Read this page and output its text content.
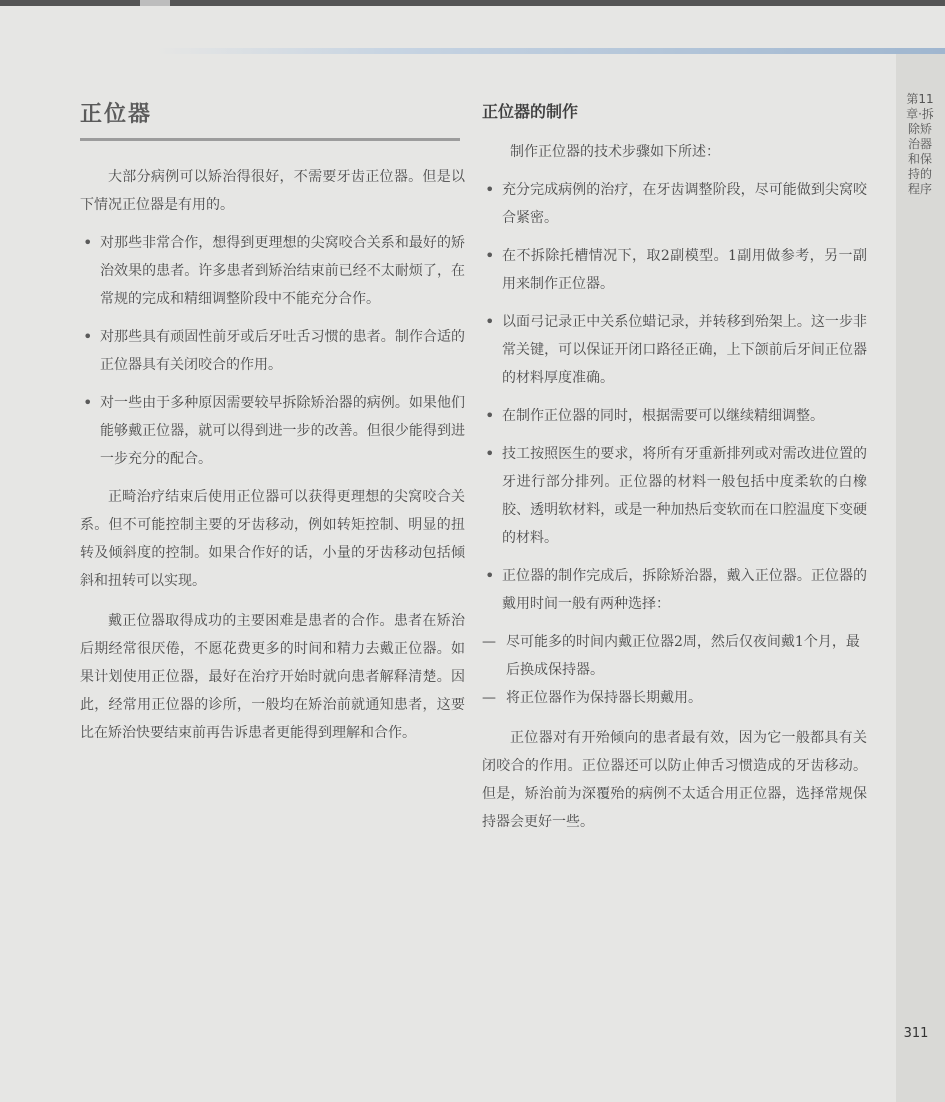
正位器

大部分病例可以矫治得很好，不需要牙齿正位器。但是以下情况正位器是有用的。

• 对那些非常合作，想得到更理想的尖窝咬合关系和最好的矫治效果的患者。许多患者到矫治结束前已经不太耐烦了，在常规的完成和精细调整阶段中不能充分合作。
• 对那些具有顽固性前牙或后牙吐舌习惯的患者。制作合适的正位器具有关闭咬合的作用。
• 对一些由于多种原因需要较早拆除矫治器的病例。如果他们能够戴正位器，就可以得到进一步的改善。但很少能得到进一步充分的配合。

正畸治疗结束后使用正位器可以获得更理想的尖窝咬合关系。但不可能控制主要的牙齿移动，例如转矩控制、明显的扭转及倾斜度的控制。如果合作好的话，小量的牙齿移动包括倾斜和扭转可以实现。

戴正位器取得成功的主要困难是患者的合作。患者在矫治后期经常很厌倦，不愿花费更多的时间和精力去戴正位器。如果计划使用正位器，最好在治疗开始时就向患者解释清楚。因此，经常用正位器的诊所，一般均在矫治前就通知患者，这要比在矫治快要结束前再告诉患者更能得到理解和合作。

正位器的制作

制作正位器的技术步骤如下所述：

• 充分完成病例的治疗，在牙齿调整阶段，尽可能做到尖窝咬合紧密。
• 在不拆除托槽情况下，取2副模型。1副用做参考，另一副用来制作正位器。
• 以面弓记录正中关系位蜡记录，并转移到殆架上。这一步非常关键，可以保证开闭口路径正确，上下颌前后牙间正位器的材料厚度准确。
• 在制作正位器的同时，根据需要可以继续精细调整。
• 技工按照医生的要求，将所有牙重新排列或对需改进位置的牙进行部分排列。正位器的材料一般包括中度柔软的白橡胶、透明软材料，或是一种加热后变软而在口腔温度下变硬的材料。
• 正位器的制作完成后，拆除矫治器，戴入正位器。正位器的戴用时间一般有两种选择：
— 尽可能多的时间内戴正位器2周，然后仅夜间戴1个月，最后换成保持器。
— 将正位器作为保持器长期戴用。

正位器对有开殆倾向的患者最有效，因为它一般都具有关闭咬合的作用。正位器还可以防止伸舌习惯造成的牙齿移动。但是，矫治前为深覆殆的病例不太适合用正位器，选择常规保持器会更好一些。

第11章·拆除矫治器和保持的程序
311
